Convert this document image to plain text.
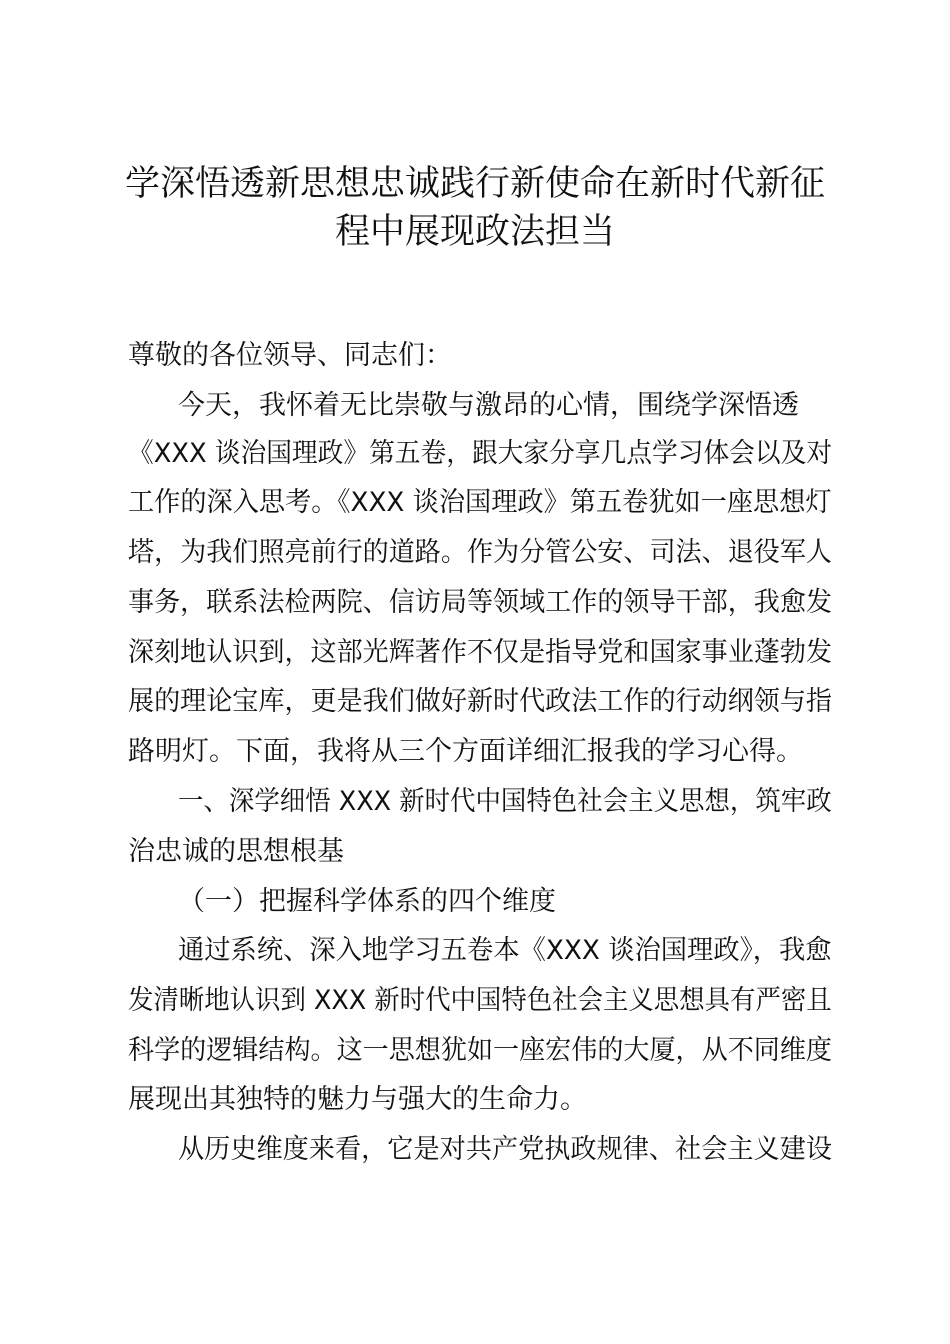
学深悟透新思想忠诚践行新使命在新时代新征
程中展现政法担当
尊敬的各位领导、同志们：
今天，我怀着无比崇敬与激昂的心情，围绕学深悟透
《XXX 谈治国理政》第五卷，跟大家分享几点学习体会以及对
工作的深入思考。《XXX 谈治国理政》第五卷犹如一座思想灯
塔，为我们照亮前行的道路。作为分管公安、司法、退役军人
事务，联系法检两院、信访局等领域工作的领导干部，我愈发
深刻地认识到，这部光辉著作不仅是指导党和国家事业蓬勃发
展的理论宝库，更是我们做好新时代政法工作的行动纲领与指
路明灯。下面，我将从三个方面详细汇报我的学习心得。
一、深学细悟 XXX 新时代中国特色社会主义思想，筑牢政
治忠诚的思想根基
（一）把握科学体系的四个维度
通过系统、深入地学习五卷本《XXX 谈治国理政》，我愈
发清晰地认识到 XXX 新时代中国特色社会主义思想具有严密且
科学的逻辑结构。这一思想犹如一座宏伟的大厦，从不同维度
展现出其独特的魅力与强大的生命力。
从历史维度来看，它是对共产党执政规律、社会主义建设
